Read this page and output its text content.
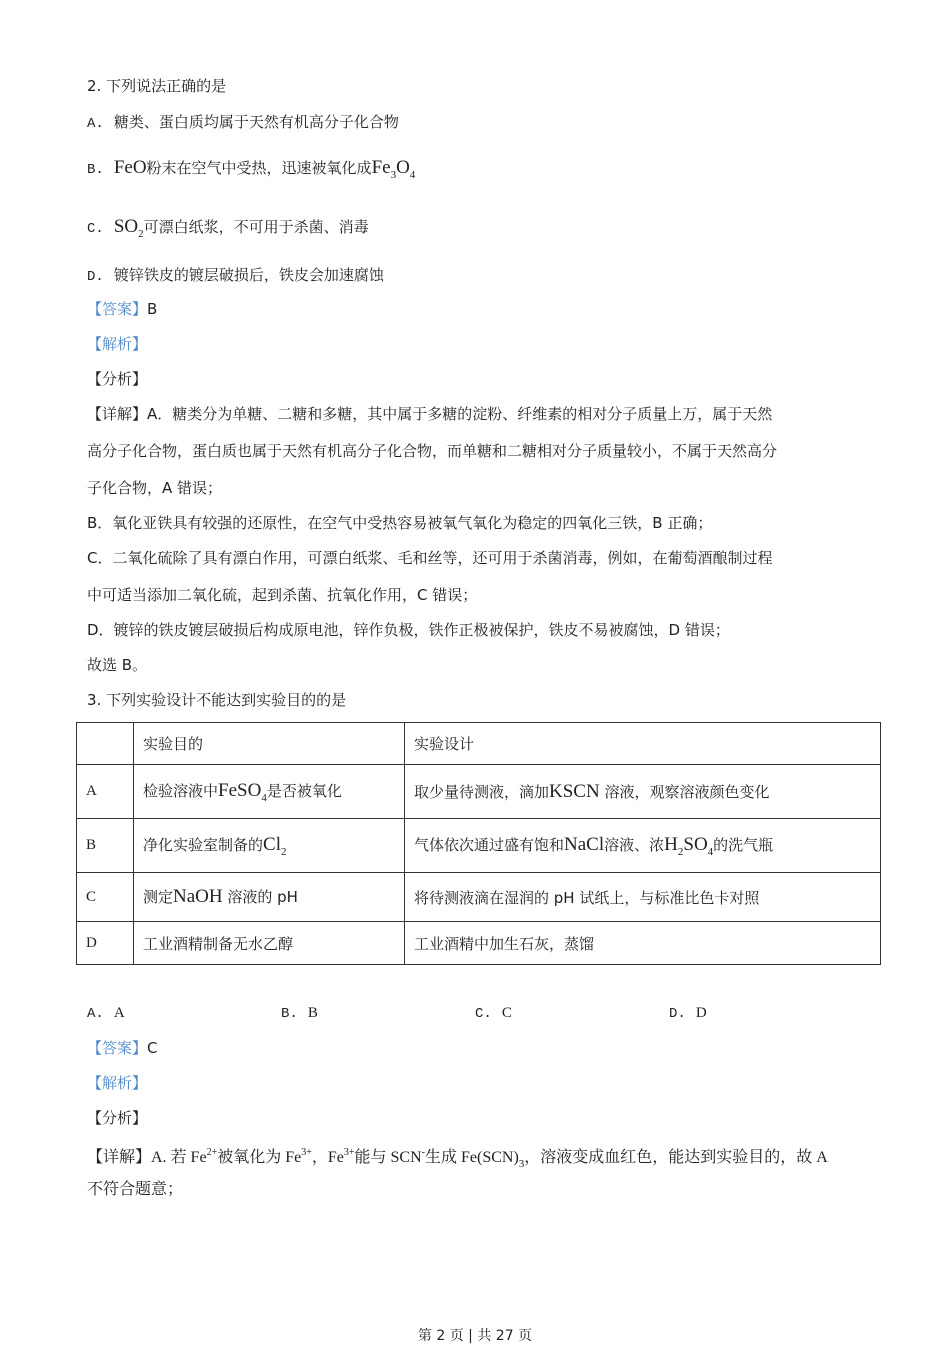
2. 下列说法正确的是
A. 糖类、蛋白质均属于天然有机高分子化合物
B. FeO粉末在空气中受热，迅速被氧化成$Fe_3O_4$
C. $SO_2$可漂白纸浆，不可用于杀菌、消毒
D. 镀锌铁皮的镀层破损后，铁皮会加速腐蚀
【答案】B
【解析】
【分析】
【详解】A．糖类分为单糖、二糖和多糖，其中属于多糖的淀粉、纤维素的相对分子质量上万，属于天然
高分子化合物，蛋白质也属于天然有机高分子化合物，而单糖和二糖相对分子质量较小，不属于天然高分
子化合物，A 错误；
B．氧化亚铁具有较强的还原性，在空气中受热容易被氧气氧化为稳定的四氧化三铁，B 正确；
C．二氧化硫除了具有漂白作用，可漂白纸浆、毛和丝等，还可用于杀菌消毒，例如，在葡萄酒酿制过程
中可适当添加二氧化硫，起到杀菌、抗氧化作用，C 错误；
D．镀锌的铁皮镀层破损后构成原电池，锌作负极，铁作正极被保护，铁皮不易被腐蚀，D 错误；
故选 B。
3. 下列实验设计不能达到实验目的的是
	实验目的	实验设计
A	检验溶液中FeSO$_4$是否被氧化	取少量待测液，滴加KSCN 溶液，观察溶液颜色变化
B	净化实验室制备的$Cl_2$	气体依次通过盛有饱和NaCl溶液、浓$H_2SO_4$的洗气瓶
C	测定NaOH 溶液的 pH	将待测液滴在湿润的 pH 试纸上，与标准比色卡对照
D	工业酒精制备无水乙醇	工业酒精中加生石灰，蒸馏
A. A	B. B	C. C	D. D
【答案】C
【解析】
【分析】
【详解】A. 若 $Fe^{2+}$被氧化为 $Fe^{3+}$，$Fe^{3+}$能与 SCN-生成 $Fe(SCN)_3$，溶液变成血红色，能达到实验目的，故 A
不符合题意；
第 2 页 | 共 27 页
